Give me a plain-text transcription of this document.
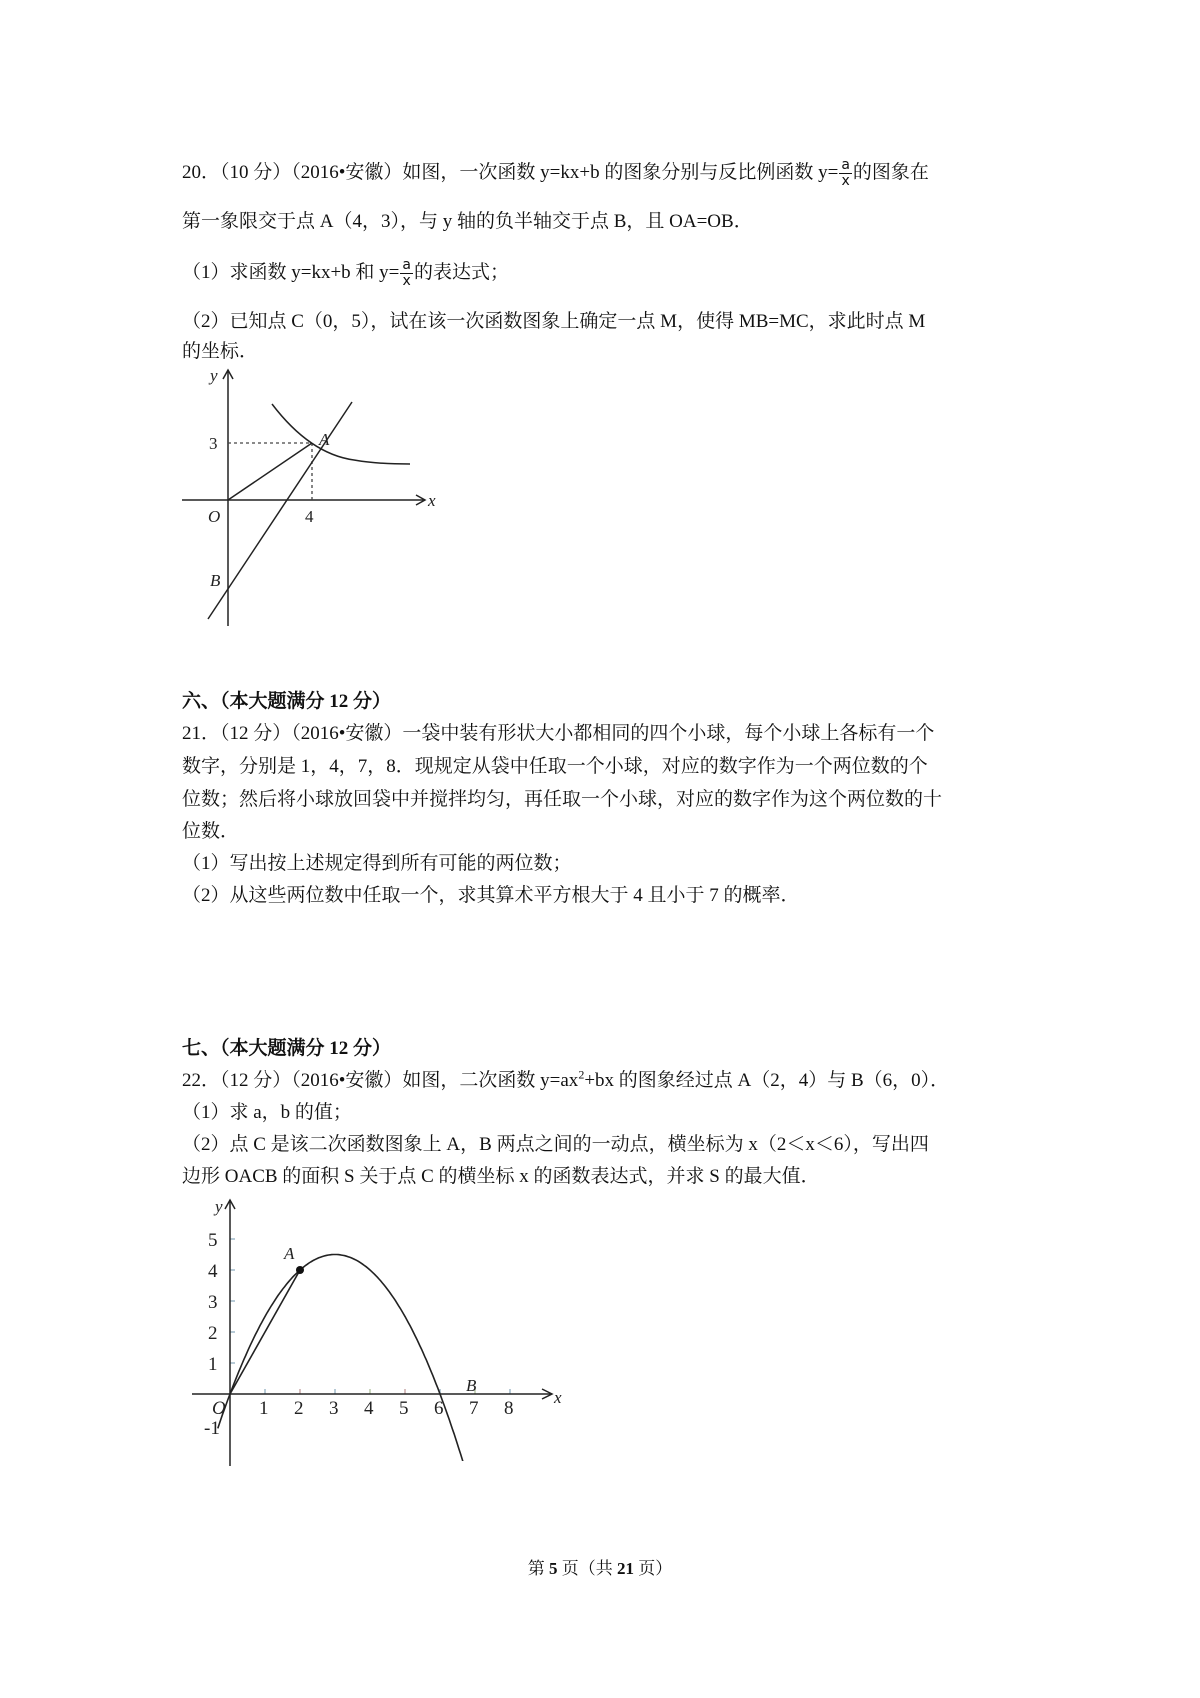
20．（10 分）（2016•安徽）如图，一次函数 y=kx+b 的图象分别与反比例函数 $y= \frac{a}{x}$ 的图象在
第一象限交于点 A（4，3），与 y 轴的负半轴交于点 B，且 OA=OB．
（1）求函数 y=kx+b 和 $y= \frac{a}{x}$ 的表达式；
（2）已知点 C（0，5），试在该一次函数图象上确定一点 M，使得 MB=MC，求此时点 M
的坐标．
y
x
O
A
B
3
4
六、（本大题满分 12 分）
21．（12 分）（2016•安徽）一袋中装有形状大小都相同的四个小球，每个小球上各标有一个
数字，分别是 1，4，7，8．现规定从袋中任取一个小球，对应的数字作为一个两位数的个
位数；然后将小球放回袋中并搅拌均匀，再任取一个小球，对应的数字作为这个两位数的十
位数．
（1）写出按上述规定得到所有可能的两位数；
（2）从这些两位数中任取一个，求其算术平方根大于 4 且小于 7 的概率．
七、（本大题满分 12 分）
22．（12 分）（2016•安徽）如图，二次函数 $y=ax^2+bx$ 的图象经过点 A（2，4）与 B（6，0）．
（1）求 a，b 的值；
（2）点 C 是该二次函数图象上 A，B 两点之间的一动点，横坐标为 x（2＜x＜6），写出四
边形 OACB 的面积 S 关于点 C 的横坐标 x 的函数表达式，并求 S 的最大值．
1 2 3 4 5 6 7 8
1
2
3
4
5
y
x
O
-1
A
B
第 5 页（共 21 页）
